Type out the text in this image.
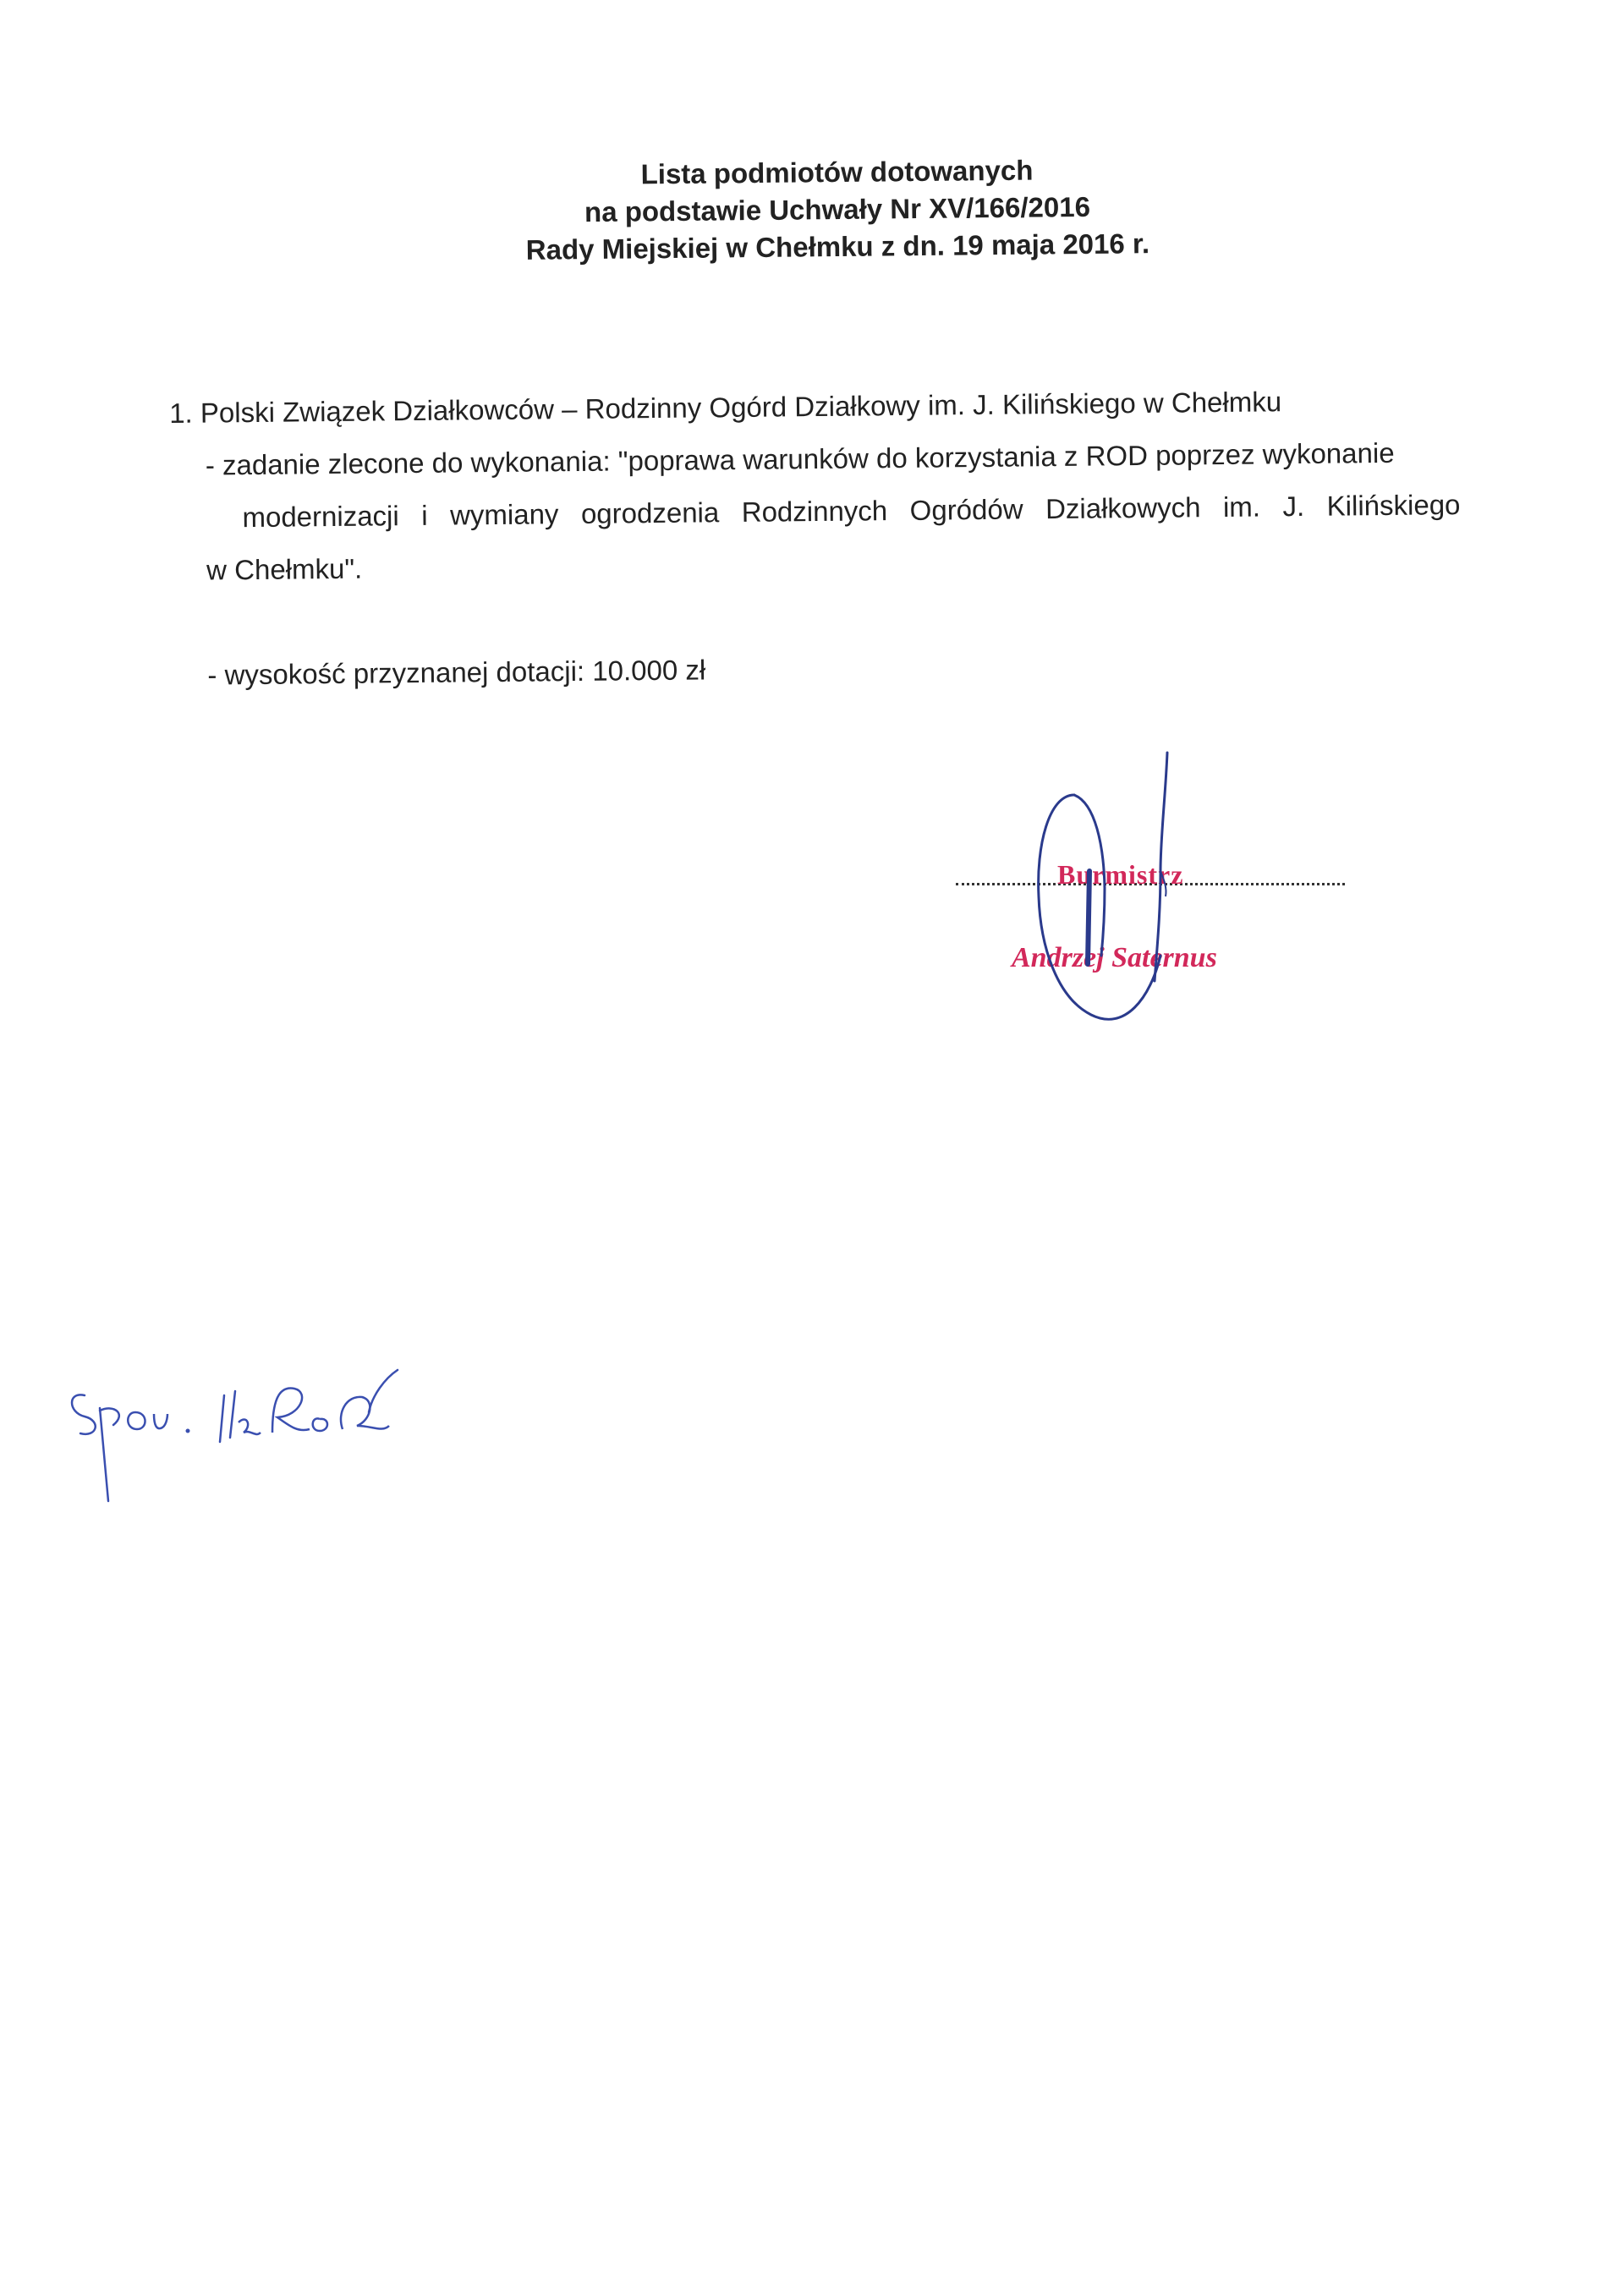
Lista podmiotów dotowanych
na podstawie Uchwały Nr XV/166/2016
Rady Miejskiej w Chełmku z dn. 19 maja 2016 r.
1. Polski Związek Działkowców – Rodzinny Ogórd Działkowy im. J. Kilińskiego w Chełmku
- zadanie zlecone do wykonania: "poprawa warunków do korzystania z ROD poprzez wykonanie
modernizacji i wymiany ogrodzenia Rodzinnych Ogródów Działkowych im. J. Kilińskiego
w Chełmku".
- wysokość przyznanej dotacji: 10.000 zł
Burmistrz
Andrzej Saternus
